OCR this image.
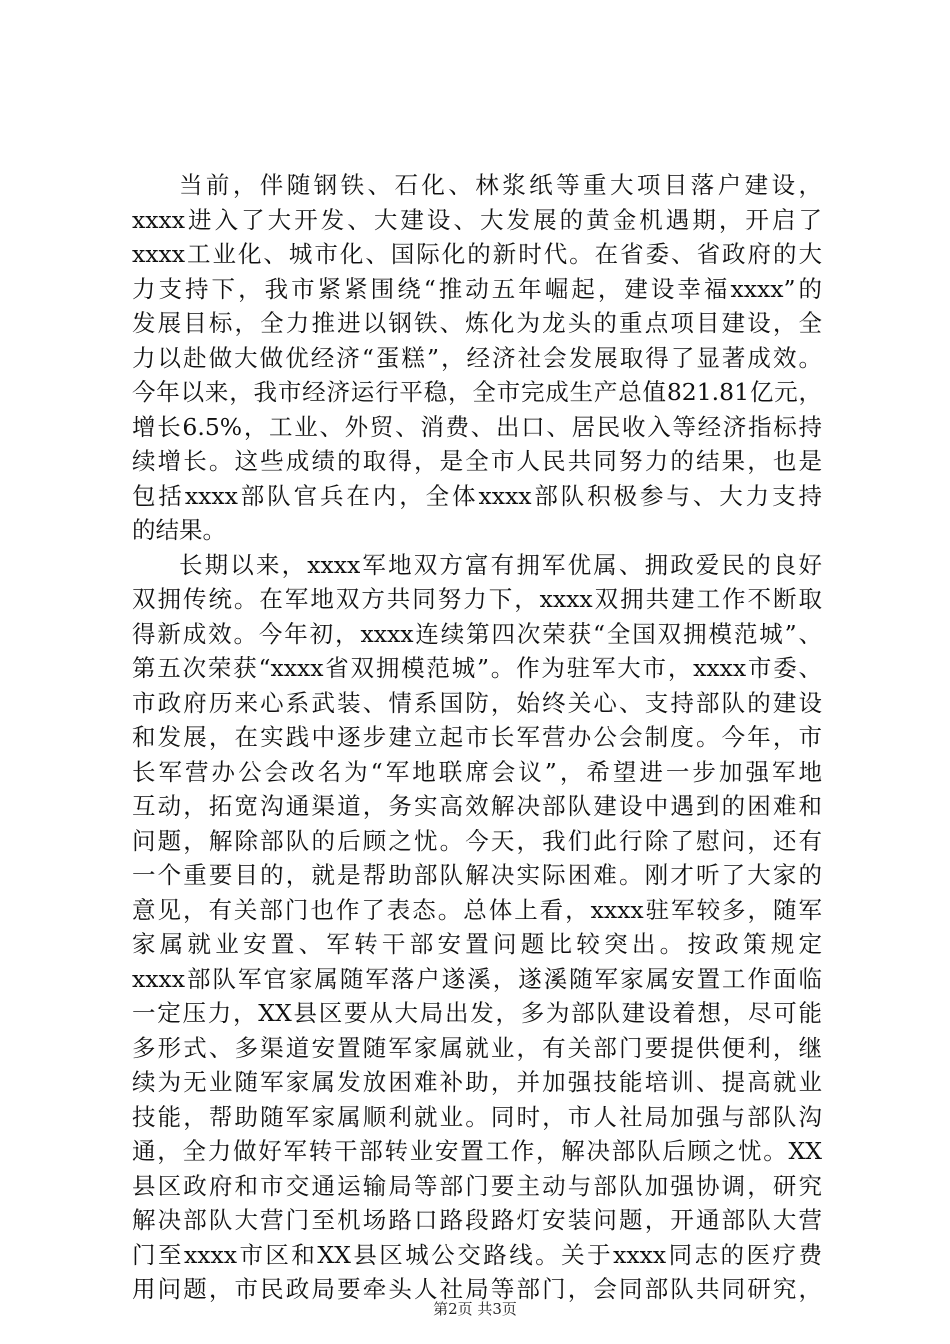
当前，伴随钢铁、石化、林浆纸等重大项目落户建设，
xxxx进入了大开发、大建设、大发展的黄金机遇期，开启了
xxxx工业化、城市化、国际化的新时代。在省委、省政府的大
力支持下，我市紧紧围绕“推动五年崛起，建设幸福xxxx”的
发展目标，全力推进以钢铁、炼化为龙头的重点项目建设，全
力以赴做大做优经济“蛋糕”，经济社会发展取得了显著成效。
今年以来，我市经济运行平稳，全市完成生产总值821.81亿元，
增长6.5%，工业、外贸、消费、出口、居民收入等经济指标持
续增长。这些成绩的取得，是全市人民共同努力的结果，也是
包括xxxx部队官兵在内，全体xxxx部队积极参与、大力支持
的结果。
长期以来，xxxx军地双方富有拥军优属、拥政爱民的良好
双拥传统。在军地双方共同努力下，xxxx双拥共建工作不断取
得新成效。今年初，xxxx连续第四次荣获“全国双拥模范城”、
第五次荣获“xxxx省双拥模范城”。作为驻军大市，xxxx市委、
市政府历来心系武装、情系国防，始终关心、支持部队的建设
和发展，在实践中逐步建立起市长军营办公会制度。今年，市
长军营办公会改名为“军地联席会议”，希望进一步加强军地
互动，拓宽沟通渠道，务实高效解决部队建设中遇到的困难和
问题，解除部队的后顾之忧。今天，我们此行除了慰问，还有
一个重要目的，就是帮助部队解决实际困难。刚才听了大家的
意见，有关部门也作了表态。总体上看，xxxx驻军较多，随军
家属就业安置、军转干部安置问题比较突出。按政策规定
xxxx部队军官家属随军落户遂溪，遂溪随军家属安置工作面临
一定压力，XX县区要从大局出发，多为部队建设着想，尽可能
多形式、多渠道安置随军家属就业，有关部门要提供便利，继
续为无业随军家属发放困难补助，并加强技能培训、提高就业
技能，帮助随军家属顺利就业。同时，市人社局加强与部队沟
通，全力做好军转干部转业安置工作，解决部队后顾之忧。XX
县区政府和市交通运输局等部门要主动与部队加强协调，研究
解决部队大营门至机场路口路段路灯安装问题，开通部队大营
门至xxxx市区和XX县区城公交路线。关于xxxx同志的医疗费
用问题，市民政局要牵头人社局等部门，会同部队共同研究，
第2页 共3页
